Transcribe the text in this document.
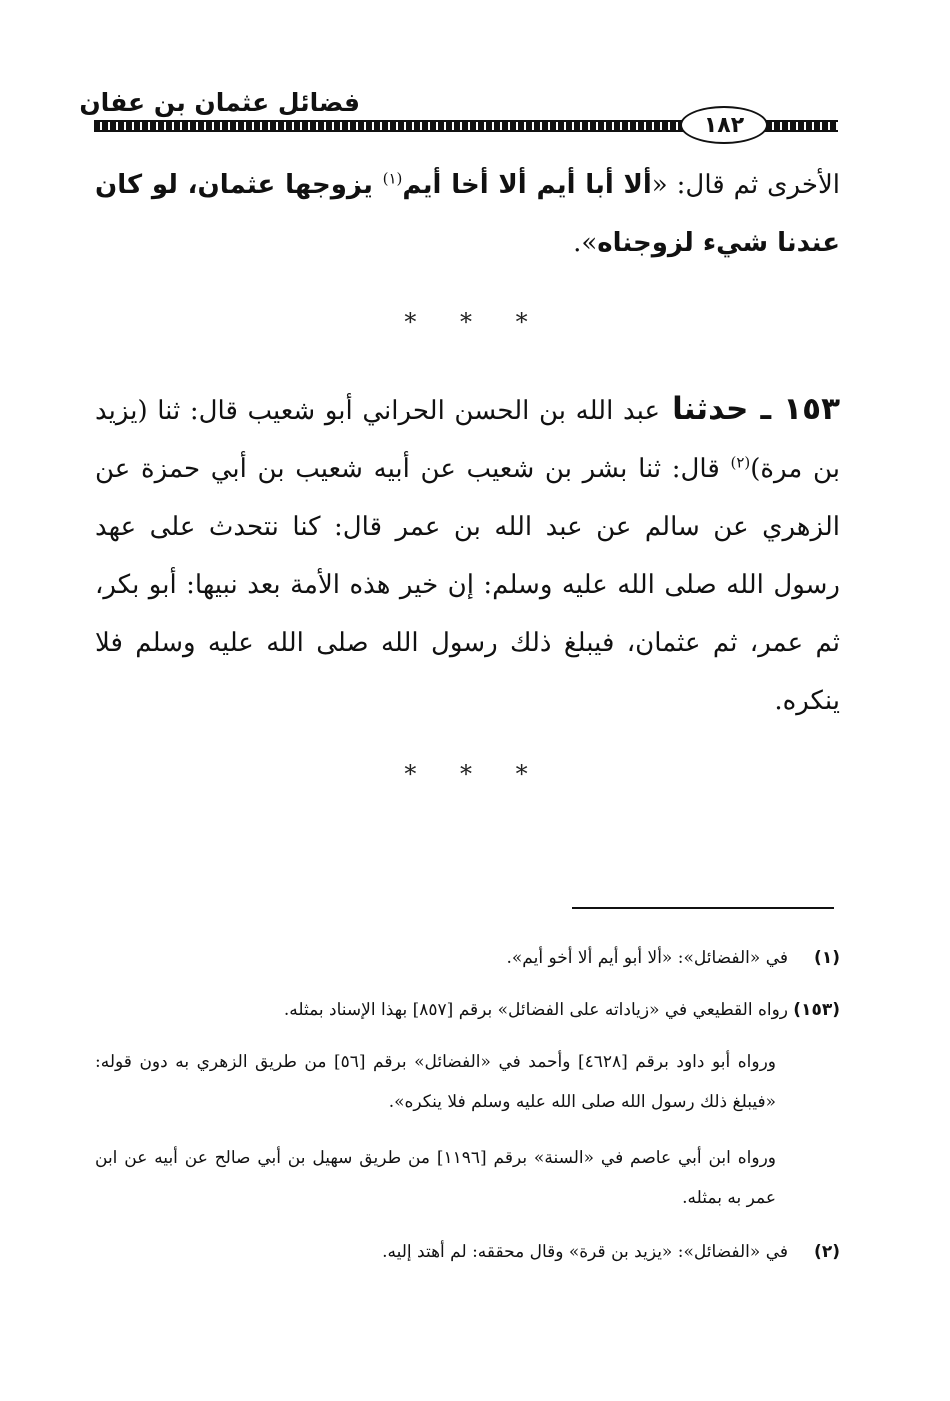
فضائل عثمان بن عفان
١٨٢
الأخرى ثم قال: «ألا أبا أيم ألا أخا أيم$^{(١)}$ يزوجها عثمان، لو كان عندنا شيء لزوجناه».
* * *
١٥٣ ـ حدثنا عبد الله بن الحسن الحراني أبو شعيب قال: ثنا (يزيد بن مرة)$^{(٢)}$ قال: ثنا بشر بن شعيب عن أبيه شعيب بن أبي حمزة عن الزهري عن سالم عن عبد الله بن عمر قال: كنا نتحدث على عهد رسول الله صلى الله عليه وسلم: إن خير هذه الأمة بعد نبيها: أبو بكر، ثم عمر، ثم عثمان، فيبلغ ذلك رسول الله صلى الله عليه وسلم فلا ينكره.
* * *
(١)في «الفضائل»: «ألا أبو أيم ألا أخو أيم».
(١٥٣)رواه القطيعي في «زياداته على الفضائل» برقم [٨٥٧] بهذا الإسناد بمثله.
ورواه أبو داود برقم [٤٦٢٨] وأحمد في «الفضائل» برقم [٥٦] من طريق الزهري به دون قوله: «فيبلغ ذلك رسول الله صلى الله عليه وسلم فلا ينكره».
ورواه ابن أبي عاصم في «السنة» برقم [١١٩٦] من طريق سهيل بن أبي صالح عن أبيه عن ابن عمر به بمثله.
(٢)في «الفضائل»: «يزيد بن قرة» وقال محققه: لم أهتد إليه.
